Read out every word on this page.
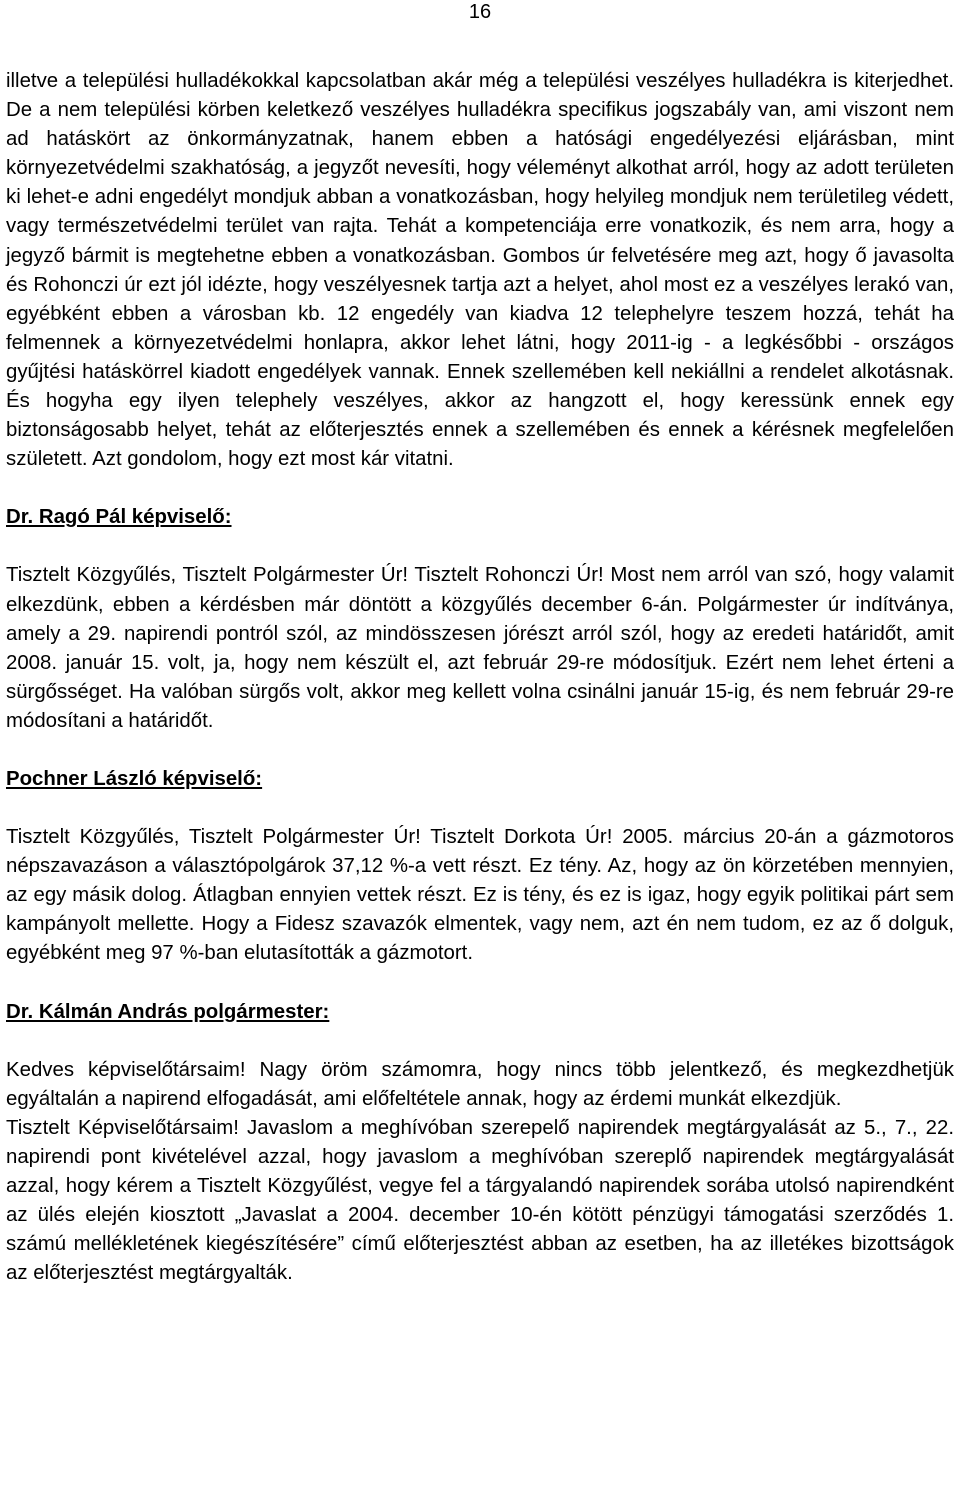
16

illetve a települési hulladékokkal kapcsolatban akár még a települési veszélyes hulladékra is kiterjedhet. De a nem települési körben keletkező veszélyes hulladékra specifikus jogszabály van, ami viszont nem ad hatáskört az önkormányzatnak, hanem ebben a hatósági engedélyezési eljárásban, mint környezetvédelmi szakhatóság, a jegyzőt nevesíti, hogy véleményt alkothat arról, hogy az adott területen ki lehet-e adni engedélyt mondjuk abban a vonatkozásban, hogy helyileg mondjuk nem területileg védett, vagy természetvédelmi terület van rajta. Tehát a kompetenciája erre vonatkozik, és nem arra, hogy a jegyző bármit is megtehetne ebben a vonatkozásban. Gombos úr felvetésére meg azt, hogy ő javasolta és Rohonczi úr ezt jól idézte, hogy veszélyesnek tartja azt a helyet, ahol most ez a veszélyes lerakó van, egyébként ebben a városban kb. 12 engedély van kiadva 12 telephelyre teszem hozzá, tehát ha felmennek a környezetvédelmi honlapra, akkor lehet látni, hogy 2011-ig - a legkésőbbi - országos gyűjtési hatáskörrel kiadott engedélyek vannak. Ennek szellemében kell nekiállni a rendelet alkotásnak. És hogyha egy ilyen telephely veszélyes, akkor az hangzott el, hogy keressünk ennek egy biztonságosabb helyet, tehát az előterjesztés ennek a szellemében és ennek a kérésnek megfelelően született. Azt gondolom, hogy ezt most kár vitatni.

Dr. Ragó Pál képviselő:

Tisztelt Közgyűlés, Tisztelt Polgármester Úr! Tisztelt Rohonczi Úr! Most nem arról van szó, hogy valamit elkezdünk, ebben a kérdésben már döntött a közgyűlés december 6-án. Polgármester úr indítványa, amely a 29. napirendi pontról szól, az mindösszesen jórészt arról szól, hogy az eredeti határidőt, amit 2008. január 15. volt, ja, hogy nem készült el, azt február 29-re módosítjuk. Ezért nem lehet érteni a sürgősséget. Ha valóban sürgős volt, akkor meg kellett volna csinálni január 15-ig, és nem február 29-re módosítani a határidőt.

Pochner László képviselő:

Tisztelt Közgyűlés, Tisztelt Polgármester Úr! Tisztelt Dorkota Úr! 2005. március 20-án a gázmotoros népszavazáson a választópolgárok 37,12 %-a vett részt. Ez tény. Az, hogy az ön körzetében mennyien, az egy másik dolog. Átlagban ennyien vettek részt. Ez is tény, és ez is igaz, hogy egyik politikai párt sem kampányolt mellette. Hogy a Fidesz szavazók elmentek, vagy nem, azt én nem tudom, ez az ő dolguk, egyébként meg 97 %-ban elutasították a gázmotort.

Dr. Kálmán András polgármester:

Kedves képviselőtársaim! Nagy öröm számomra, hogy nincs több jelentkező, és megkezdhetjük egyáltalán a napirend elfogadását, ami előfeltétele annak, hogy az érdemi munkát elkezdjük.

Tisztelt Képviselőtársaim! Javaslom a meghívóban szerepelő napirendek megtárgyalását az 5., 7., 22. napirendi pont kivételével azzal, hogy javaslom a meghívóban szereplő napirendek megtárgyalását azzal, hogy kérem a Tisztelt Közgyűlést, vegye fel a tárgyalandó napirendek sorába utolsó napirendként az ülés elején kiosztott „Javaslat a 2004. december 10-én kötött pénzügyi támogatási szerződés 1. számú mellékletének kiegészítésére” című előterjesztést abban az esetben, ha az illetékes bizottságok az előterjesztést megtárgyalták.
